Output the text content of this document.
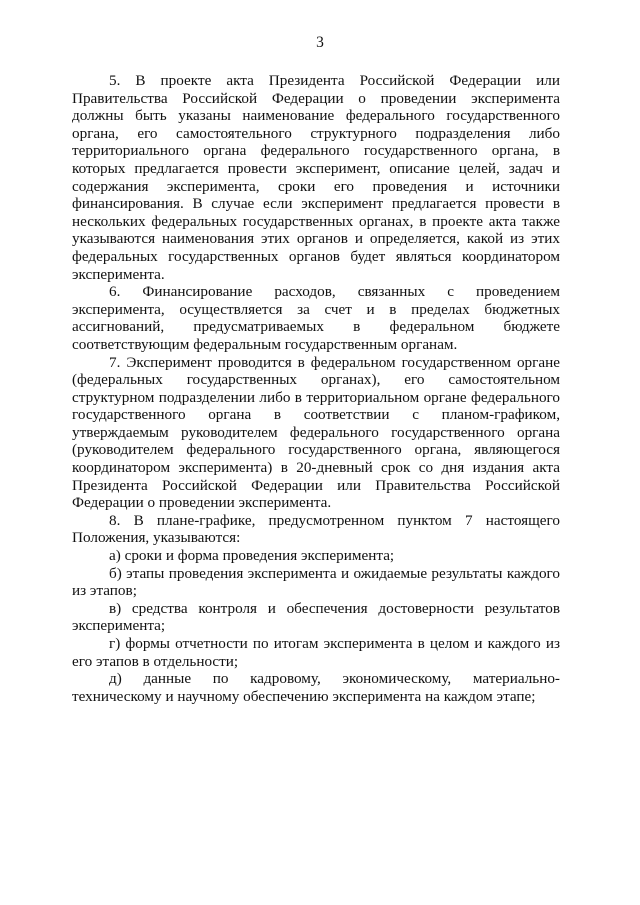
3

5. В проекте акта Президента Российской Федерации или Правительства Российской Федерации о проведении эксперимента должны быть указаны наименование федерального государственного органа, его самостоятельного структурного подразделения либо территориального органа федерального государственного органа, в которых предлагается провести эксперимент, описание целей, задач и содержания эксперимента, сроки его проведения и источники финансирования. В случае если эксперимент предлагается провести в нескольких федеральных государственных органах, в проекте акта также указываются наименования этих органов и определяется, какой из этих федеральных государственных органов будет являться координатором эксперимента.

6. Финансирование расходов, связанных с проведением эксперимента, осуществляется за счет и в пределах бюджетных ассигнований, предусматриваемых в федеральном бюджете соответствующим федеральным государственным органам.

7. Эксперимент проводится в федеральном государственном органе (федеральных государственных органах), его самостоятельном структурном подразделении либо в территориальном органе федерального государственного органа в соответствии с планом-графиком, утверждаемым руководителем федерального государственного органа (руководителем федерального государственного органа, являющегося координатором эксперимента) в 20-дневный срок со дня издания акта Президента Российской Федерации или Правительства Российской Федерации о проведении эксперимента.

8. В плане-графике, предусмотренном пунктом 7 настоящего Положения, указываются:

а) сроки и форма проведения эксперимента;

б) этапы проведения эксперимента и ожидаемые результаты каждого из этапов;

в) средства контроля и обеспечения достоверности результатов эксперимента;

г) формы отчетности по итогам эксперимента в целом и каждого из его этапов в отдельности;

д) данные по кадровому, экономическому, материально-техническому и научному обеспечению эксперимента на каждом этапе;
